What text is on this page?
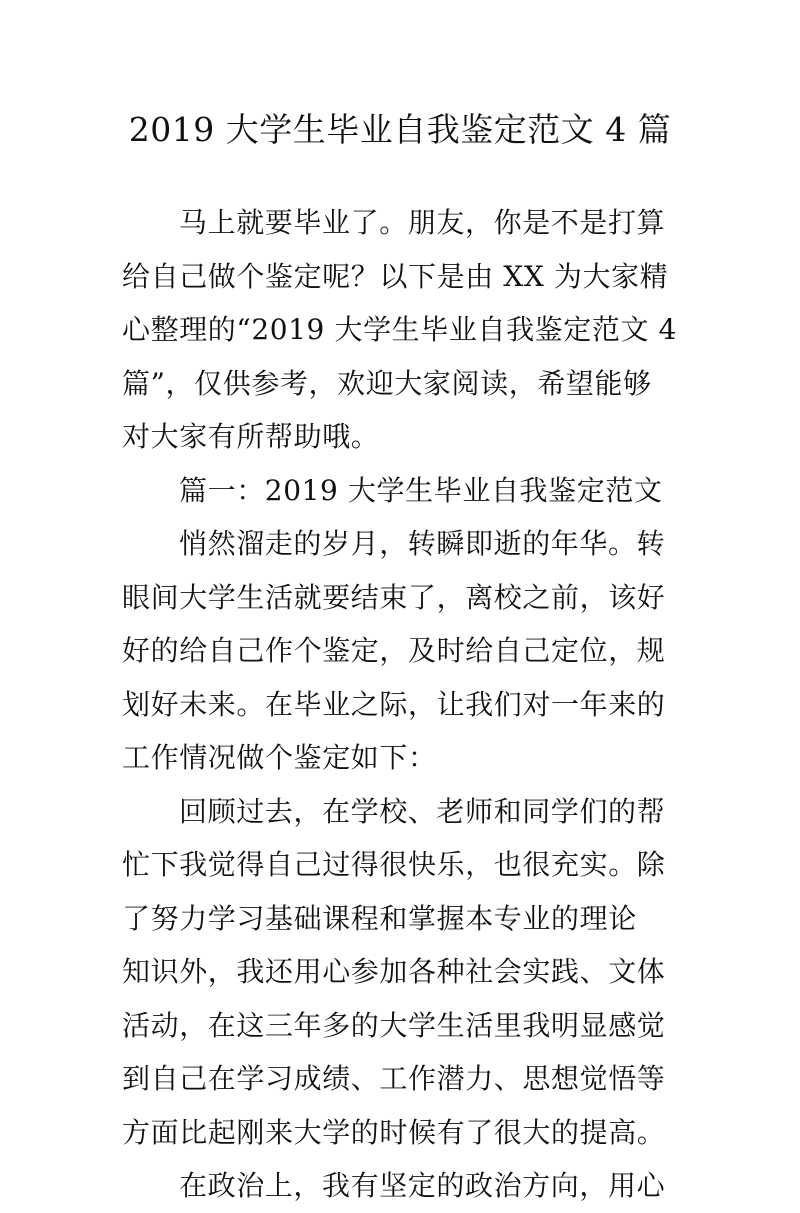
2019 大学生毕业自我鉴定范文 4 篇
马上就要毕业了。朋友，你是不是打算
给自己做个鉴定呢？以下是由 XX 为大家精
心整理的“2019 大学生毕业自我鉴定范文 4
篇”，仅供参考，欢迎大家阅读，希望能够
对大家有所帮助哦。
篇一：2019 大学生毕业自我鉴定范文
悄然溜走的岁月，转瞬即逝的年华。转
眼间大学生活就要结束了，离校之前，该好
好的给自己作个鉴定，及时给自己定位，规
划好未来。在毕业之际，让我们对一年来的
工作情况做个鉴定如下：
回顾过去，在学校、老师和同学们的帮
忙下我觉得自己过得很快乐，也很充实。除
了努力学习基础课程和掌握本专业的理论
知识外，我还用心参加各种社会实践、文体
活动，在这三年多的大学生活里我明显感觉
到自己在学习成绩、工作潜力、思想觉悟等
方面比起刚来大学的时候有了很大的提高。
在政治上，我有坚定的政治方向，用心
